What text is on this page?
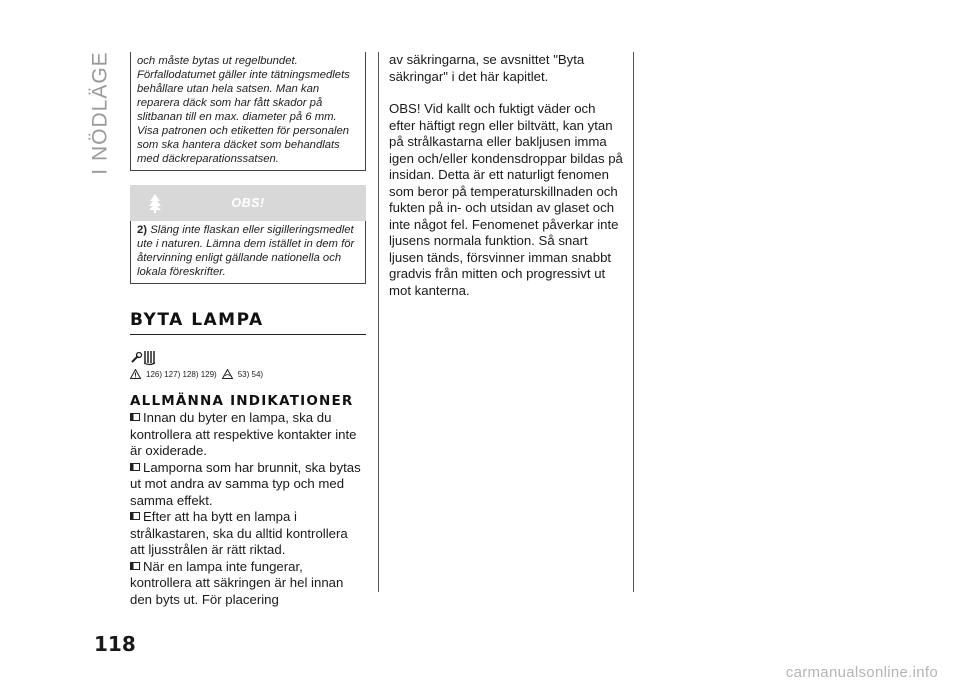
I NÖDLÄGE
118
och måste bytas ut regelbundet. Förfallodatumet gäller inte tätningsmedlets behållare utan hela satsen. Man kan reparera däck som har fått skador på slitbanan till en max. diameter på 6 mm. Visa patronen och etiketten för personalen som ska hantera däcket som behandlats med däckreparationssatsen.
OBS!
2) Släng inte flaskan eller sigilleringsmedlet ute i naturen. Lämna dem istället in dem för återvinning enligt gällande nationella och lokala föreskrifter.
BYTA LAMPA
126) 127) 128) 129)	53) 54)
ALLMÄNNA INDIKATIONER
Innan du byter en lampa, ska du kontrollera att respektive kontakter inte är oxiderade.
Lamporna som har brunnit, ska bytas ut mot andra av samma typ och med samma effekt.
Efter att ha bytt en lampa i strålkastaren, ska du alltid kontrollera att ljusstrålen är rätt riktad.
När en lampa inte fungerar, kontrollera att säkringen är hel innan den byts ut. För placering

av säkringarna, se avsnittet "Byta säkringar" i det här kapitlet.

OBS! Vid kallt och fuktigt väder och efter häftigt regn eller biltvätt, kan ytan på strålkastarna eller bakljusen imma igen och/eller kondensdroppar bildas på insidan. Detta är ett naturligt fenomen som beror på temperaturskillnaden och fukten på in- och utsidan av glaset och inte något fel. Fenomenet påverkar inte ljusens normala funktion. Så snart ljusen tänds, försvinner imman snabbt gradvis från mitten och progressivt ut mot kanterna.

carmanualsonline.info
